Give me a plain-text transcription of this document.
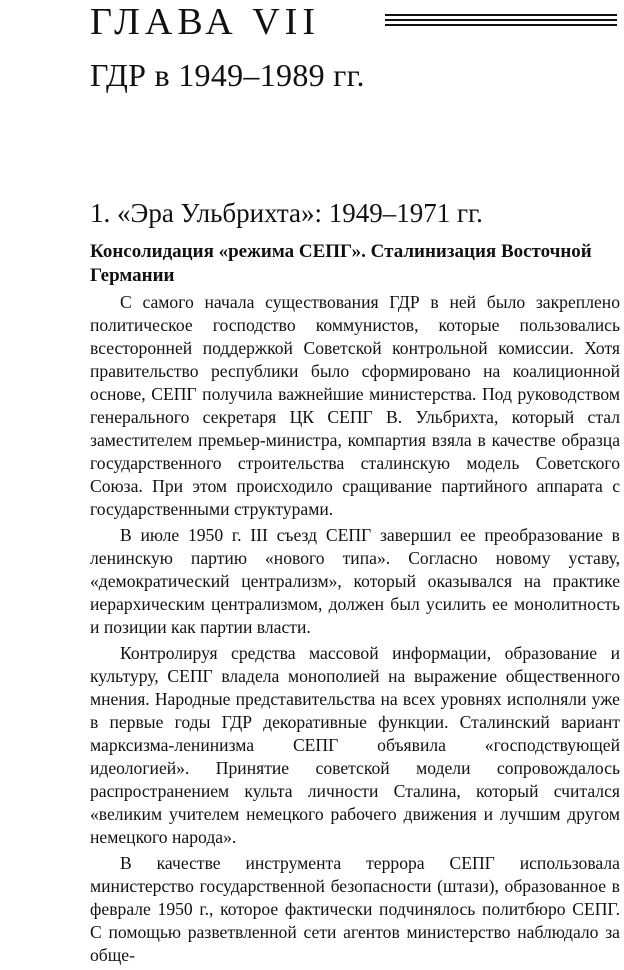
ГЛАВА VII
ГДР в 1949–1989 гг.
1. «Эра Ульбрихта»: 1949–1971 гг.
Консолидация «режима СЕПГ». Сталинизация Восточной Германии

С самого начала существования ГДР в ней было закреплено политическое господство коммунистов, которые пользовались всесторонней поддержкой Советской контрольной комиссии. Хотя правительство республики было сформировано на коалиционной основе, СЕПГ получила важнейшие министерства. Под руководством генерального секретаря ЦК СЕПГ В. Ульбрихта, который стал заместителем премьер-министра, компартия взяла в качестве образца государственного строительства сталинскую модель Советского Союза. При этом происходило сращивание партийного аппарата с государственными структурами.

В июле 1950 г. III съезд СЕПГ завершил ее преобразование в ленинскую партию «нового типа». Согласно новому уставу, «демократический централизм», который оказывался на практике иерархическим централизмом, должен был усилить ее монолитность и позиции как партии власти.

Контролируя средства массовой информации, образование и культуру, СЕПГ владела монополией на выражение общественного мнения. Народные представительства на всех уровнях исполняли уже в первые годы ГДР декоративные функции. Сталинский вариант марксизма-ленинизма СЕПГ объявила «господствующей идеологией». Принятие советской модели сопровождалось распространением культа личности Сталина, который считался «великим учителем немецкого рабочего движения и лучшим другом немецкого народа».

В качестве инструмента террора СЕПГ использовала министерство государственной безопасности (штази), образованное в феврале 1950 г., которое фактически подчинялось политбюро СЕПГ. С помощью разветвленной сети агентов министерство наблюдало за обще-
